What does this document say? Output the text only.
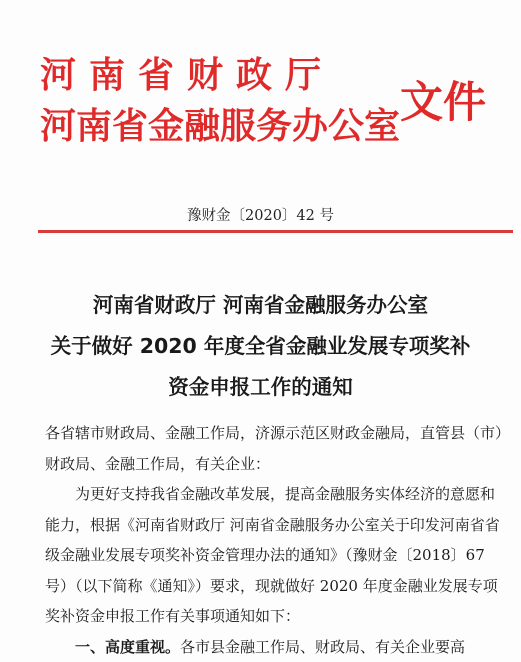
河南省财政厅
河南省金融服务办公室 文件
豫财金〔2020〕42 号
河南省财政厅 河南省金融服务办公室
关于做好 2020 年度全省金融业发展专项奖补
资金申报工作的通知

各省辖市财政局、金融工作局，济源示范区财政金融局，直管县（市）财政局、金融工作局，有关企业：

为更好支持我省金融改革发展，提高金融服务实体经济的意愿和能力，根据《河南省财政厅 河南省金融服务办公室关于印发河南省省级金融业发展专项奖补资金管理办法的通知》（豫财金〔2018〕67 号）（以下简称《通知》）要求，现就做好 2020 年度金融业发展专项奖补资金申报工作有关事项通知如下：

一、高度重视。各市县金融工作局、财政局、有关企业要高
